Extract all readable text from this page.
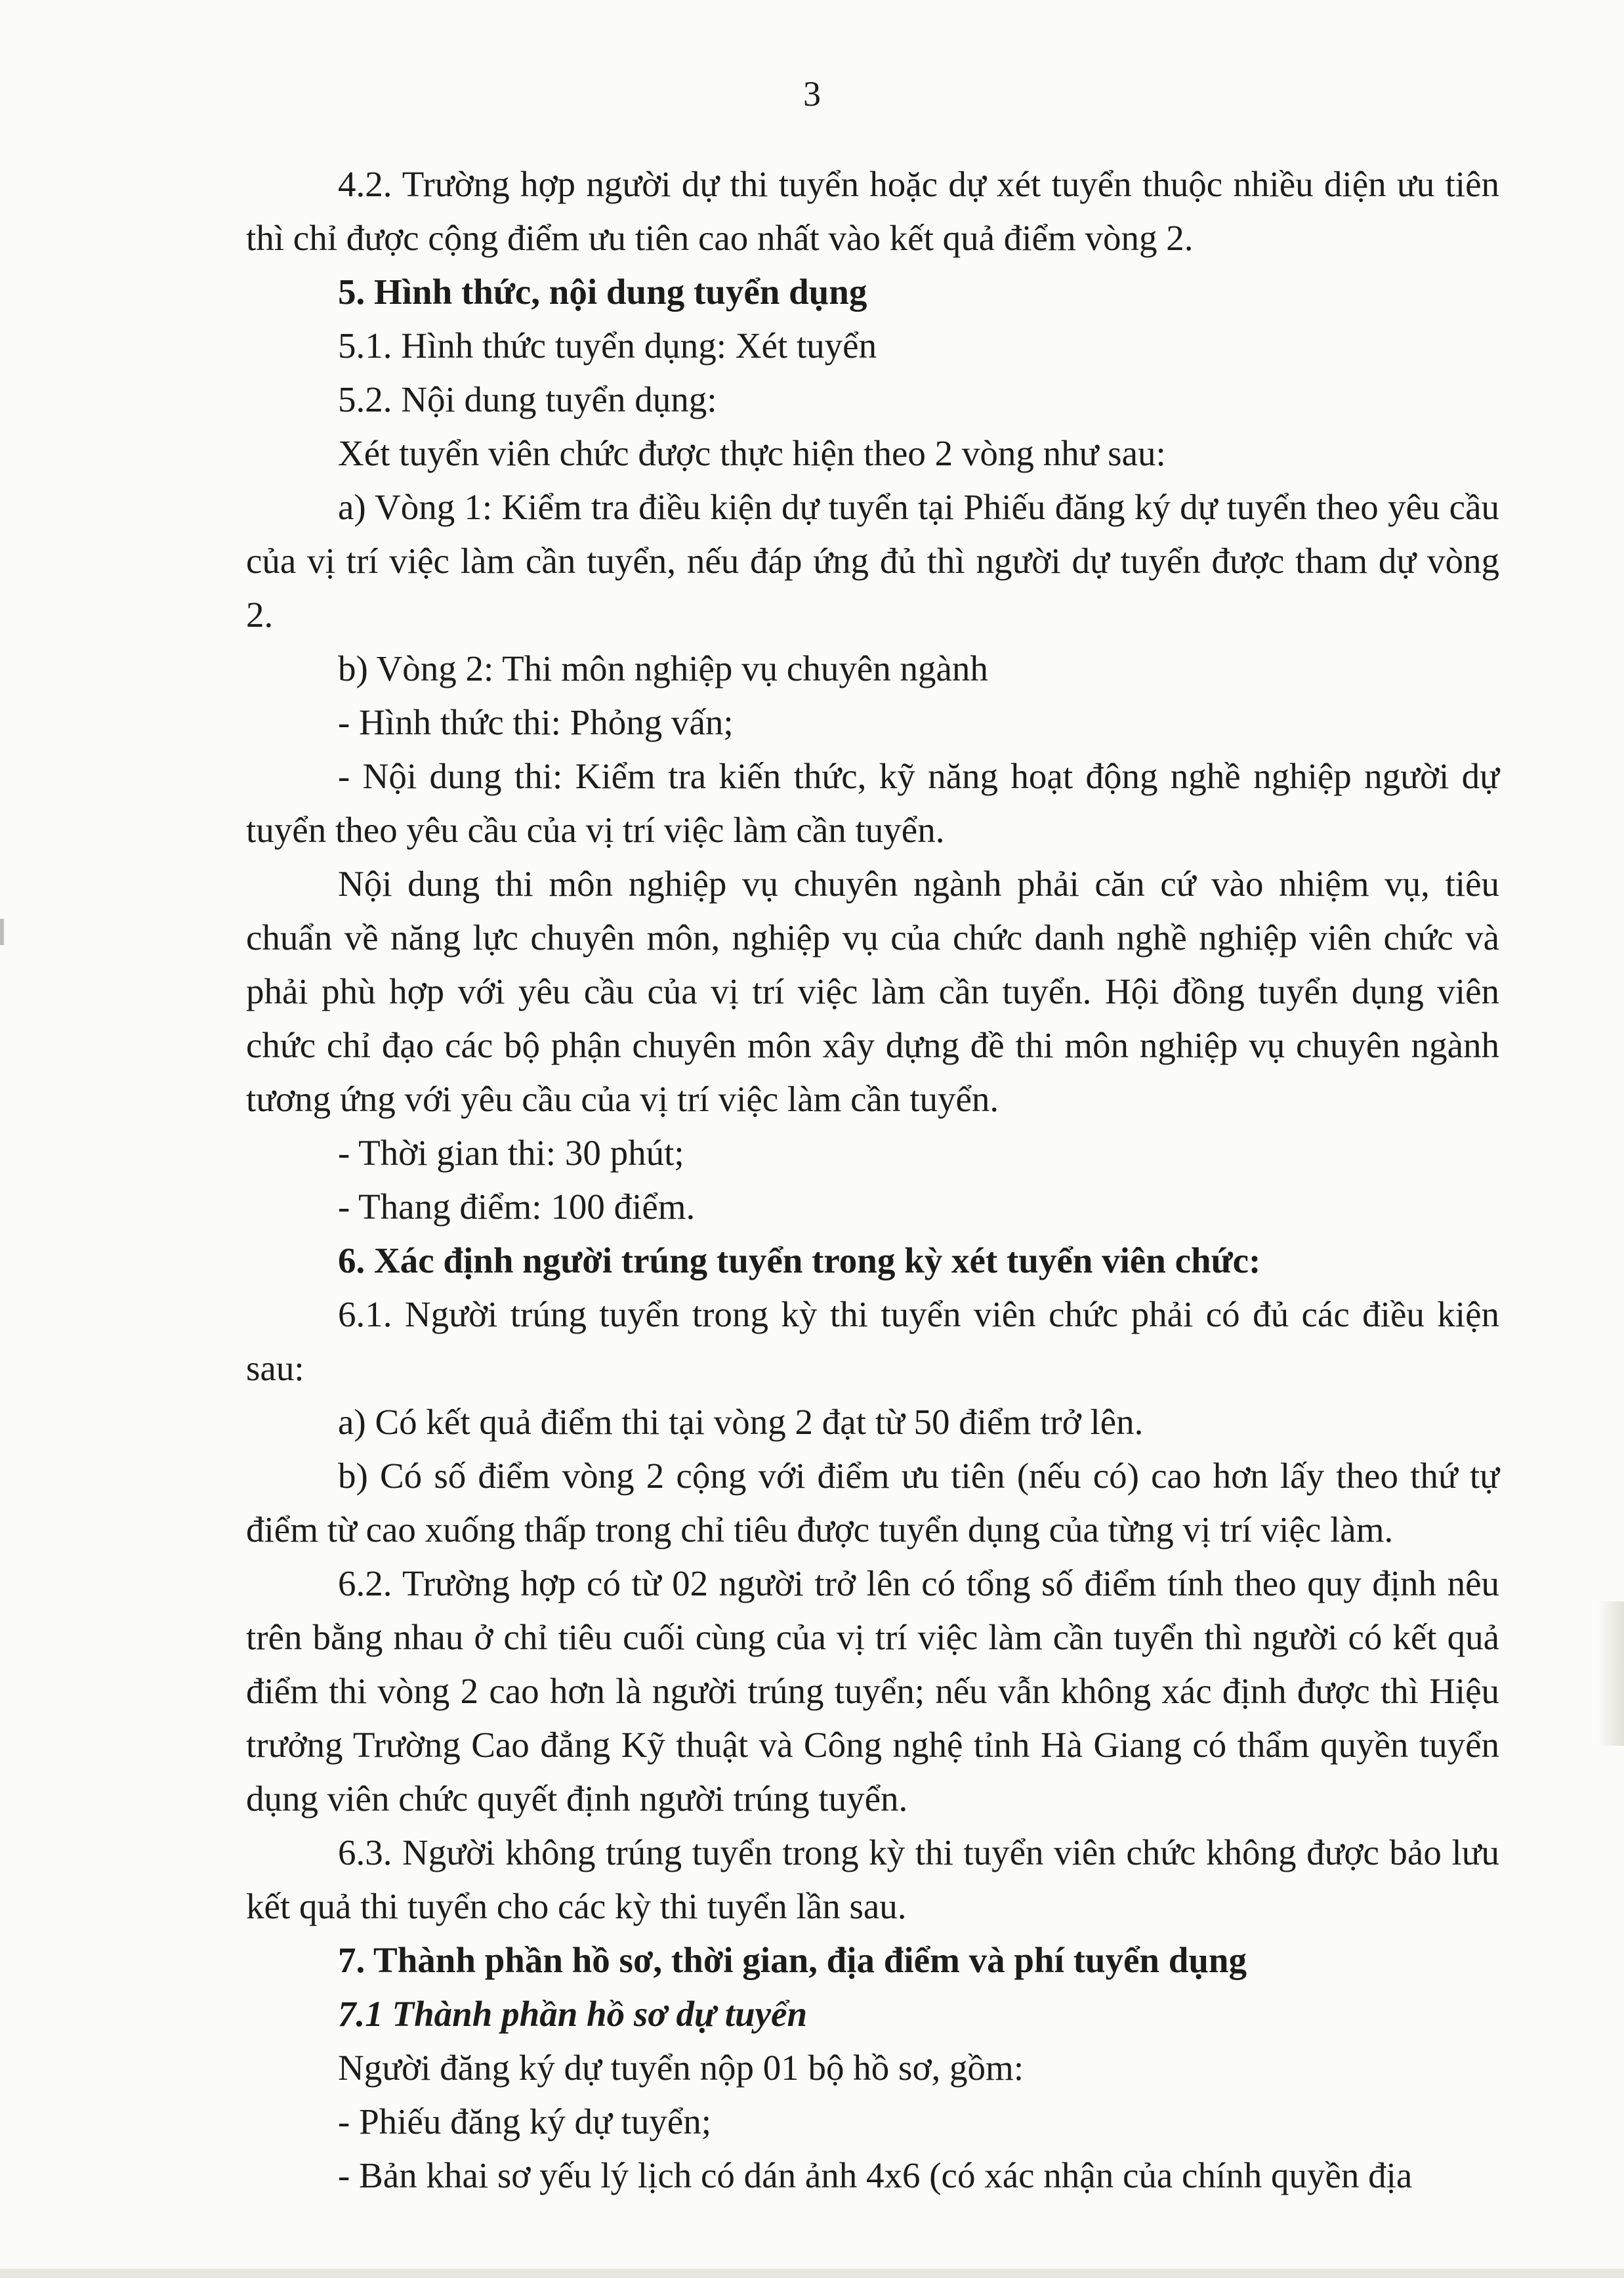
3

4.2. Trường hợp người dự thi tuyển hoặc dự xét tuyển thuộc nhiều diện ưu tiên thì chỉ được cộng điểm ưu tiên cao nhất vào kết quả điểm vòng 2.

5. Hình thức, nội dung tuyển dụng

5.1. Hình thức tuyển dụng: Xét tuyển

5.2. Nội dung tuyển dụng:

Xét tuyển viên chức được thực hiện theo 2 vòng như sau:

a) Vòng 1: Kiểm tra điều kiện dự tuyển tại Phiếu đăng ký dự tuyển theo yêu cầu của vị trí việc làm cần tuyển, nếu đáp ứng đủ thì người dự tuyển được tham dự vòng 2.

b) Vòng 2: Thi môn nghiệp vụ chuyên ngành

- Hình thức thi: Phỏng vấn;

- Nội dung thi: Kiểm tra kiến thức, kỹ năng hoạt động nghề nghiệp người dự tuyển theo yêu cầu của vị trí việc làm cần tuyển.

Nội dung thi môn nghiệp vụ chuyên ngành phải căn cứ vào nhiệm vụ, tiêu chuẩn về năng lực chuyên môn, nghiệp vụ của chức danh nghề nghiệp viên chức và phải phù hợp với yêu cầu của vị trí việc làm cần tuyển. Hội đồng tuyển dụng viên chức chỉ đạo các bộ phận chuyên môn xây dựng đề thi môn nghiệp vụ chuyên ngành tương ứng với yêu cầu của vị trí việc làm cần tuyển.

- Thời gian thi: 30 phút;

- Thang điểm: 100 điểm.

6. Xác định người trúng tuyển trong kỳ xét tuyển viên chức:

6.1. Người trúng tuyển trong kỳ thi tuyển viên chức phải có đủ các điều kiện sau:

a) Có kết quả điểm thi tại vòng 2 đạt từ 50 điểm trở lên.

b) Có số điểm vòng 2 cộng với điểm ưu tiên (nếu có) cao hơn lấy theo thứ tự điểm từ cao xuống thấp trong chỉ tiêu được tuyển dụng của từng vị trí việc làm.

6.2. Trường hợp có từ 02 người trở lên có tổng số điểm tính theo quy định nêu trên bằng nhau ở chỉ tiêu cuối cùng của vị trí việc làm cần tuyển thì người có kết quả điểm thi vòng 2 cao hơn là người trúng tuyển; nếu vẫn không xác định được thì Hiệu trưởng Trường Cao đẳng Kỹ thuật và Công nghệ tỉnh Hà Giang có thẩm quyền tuyển dụng viên chức quyết định người trúng tuyển.

6.3. Người không trúng tuyển trong kỳ thi tuyển viên chức không được bảo lưu kết quả thi tuyển cho các kỳ thi tuyển lần sau.

7. Thành phần hồ sơ, thời gian, địa điểm và phí tuyển dụng

7.1 Thành phần hồ sơ dự tuyển

Người đăng ký dự tuyển nộp 01 bộ hồ sơ, gồm:

- Phiếu đăng ký dự tuyển;

- Bản khai sơ yếu lý lịch có dán ảnh 4x6 (có xác nhận của chính quyền địa
